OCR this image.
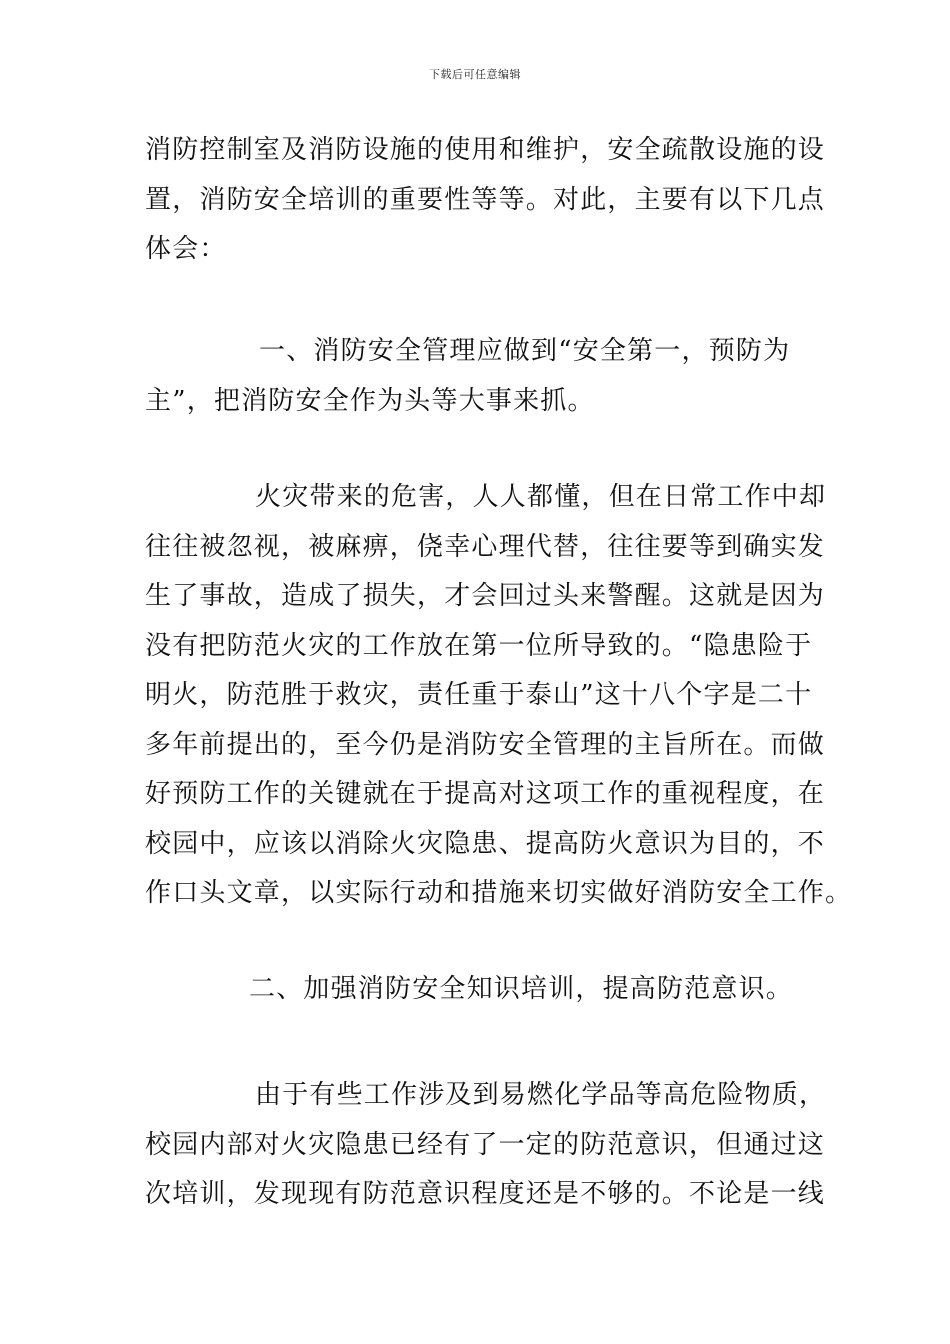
下载后可任意编辑
消防控制室及消防设施的使用和维护，安全疏散设施的设
置，消防安全培训的重要性等等。对此，主要有以下几点
体会：
一、消防安全管理应做到“安全第一，预防为
主”，把消防安全作为头等大事来抓。
火灾带来的危害，人人都懂，但在日常工作中却
往往被忽视，被麻痹，侥幸心理代替，往往要等到确实发
生了事故，造成了损失，才会回过头来警醒。这就是因为
没有把防范火灾的工作放在第一位所导致的。“隐患险于
明火，防范胜于救灾，责任重于泰山”这十八个字是二十
多年前提出的，至今仍是消防安全管理的主旨所在。而做
好预防工作的关键就在于提高对这项工作的重视程度，在
校园中，应该以消除火灾隐患、提高防火意识为目的，不
作口头文章，以实际行动和措施来切实做好消防安全工作。
二、加强消防安全知识培训，提高防范意识。
由于有些工作涉及到易燃化学品等高危险物质，
校园内部对火灾隐患已经有了一定的防范意识，但通过这
次培训，发现现有防范意识程度还是不够的。不论是一线
